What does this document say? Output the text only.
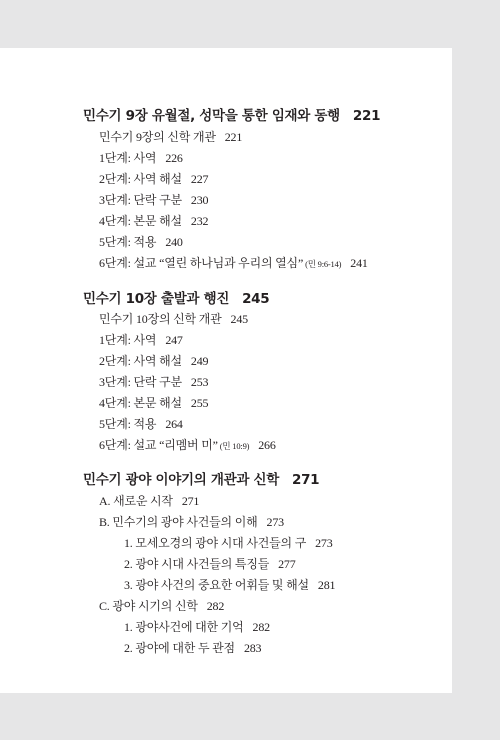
민수기 9장 유월절, 성막을 통한 임재와 동행 221
민수기 9장의 신학 개관 221
1단계: 사역 226
2단계: 사역 해설 227
3단계: 단락 구분 230
4단계: 본문 해설 232
5단계: 적용 240
6단계: 설교 “열린 하나님과 우리의 열심” (민 9:6-14) 241
민수기 10장 출발과 행진 245
민수기 10장의 신학 개관 245
1단계: 사역 247
2단계: 사역 해설 249
3단계: 단락 구분 253
4단계: 본문 해설 255
5단계: 적용 264
6단계: 설교 “리멤버 미” (민 10:9) 266
민수기 광야 이야기의 개관과 신학 271
A. 새로운 시작 271
B. 민수기의 광야 사건들의 이해 273
1. 모세오경의 광야 시대 사건들의 구 273
2. 광야 시대 사건들의 특징들 277
3. 광야 사건의 중요한 어휘들 및 해설 281
C. 광야 시기의 신학 282
1. 광야사건에 대한 기억 282
2. 광야에 대한 두 관점 283
